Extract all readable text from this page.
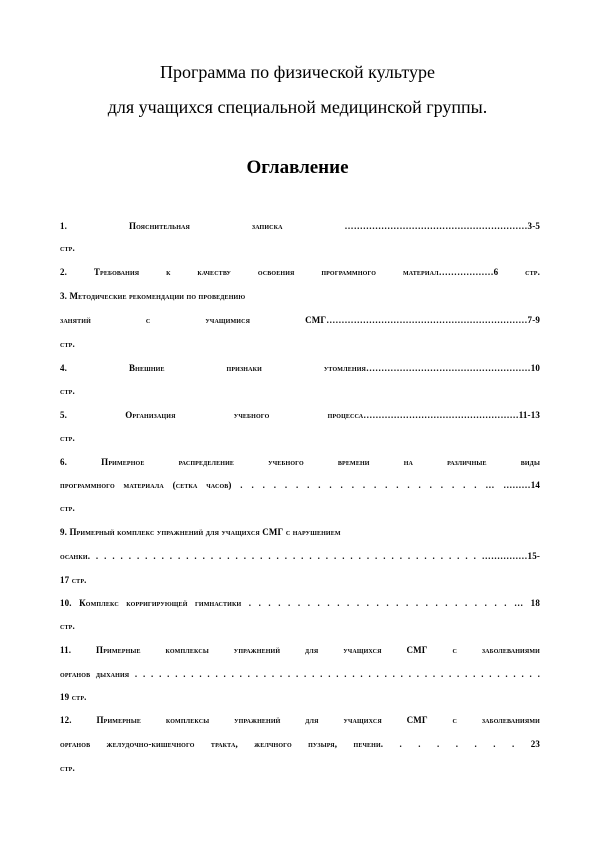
Программа по физической культуре
для учащихся специальной медицинской группы.
Оглавление
1. Пояснительная записка ……………………………………………………3-5
стр.
2. Требования к качеству освоения программного материал………………6 стр.
3. Методические рекомендации по проведению
занятий с учащимися СМГ…………………………………………………………7-9
стр.
4. Внешние признаки утомления………………………………………………10
стр.
5. Организация учебного процесса……………………………………………11-13
стр.
6. Примерное распределение учебного времени на различные виды
программного материала (сетка часов) . . . . . . . . . . . . . . . . . . . . . . … ………14
стр.
9. Примерный комплекс упражнений для учащихся СМГ с нарушением
осанки. . . . . . . . . . . . . . . . . . . . . . . . . . . . . . . . . . . . . . . . . . . . . . . . ……………15-
17 стр.
10. Комплекс корригирующей гимнастики . . . . . . . . . . . . . . . . . . . . . . . . . . . … 18
стр.
11. Примерные комплексы упражнений для учащихся СМГ с заболеваниями
органов дыхания . . . . . . . . . . . . . . . . . . . . . . . . . . . . . . . . . . . . . . . . . . . . . . . . . . .
19 стр.
12. Примерные комплексы упражнений для учащихся СМГ с заболеваниями
органов желудочно-кишечного тракта, желчного пузыря, печени. . . . . . . . 23
стр.
